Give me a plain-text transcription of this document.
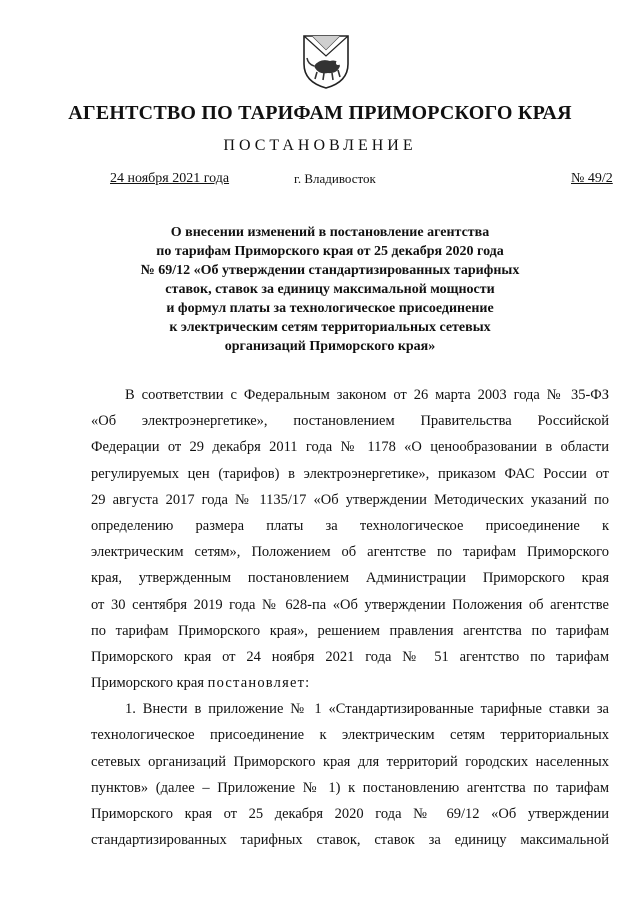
АГЕНТСТВО ПО ТАРИФАМ ПРИМОРСКОГО КРАЯ
ПОСТАНОВЛЕНИЕ
24 ноября 2021 года	г. Владивосток	№ 49/2
О внесении изменений в постановление агентства
по тарифам Приморского края от 25 декабря 2020 года
№ 69/12 «Об утверждении стандартизированных тарифных
ставок, ставок за единицу максимальной мощности
и формул платы за технологическое присоединение
к электрическим сетям территориальных сетевых
организаций Приморского края»
В соответствии с Федеральным законом от 26 марта 2003 года № 35-ФЗ
«Об электроэнергетике», постановлением Правительства Российской
Федерации от 29 декабря 2011 года № 1178 «О ценообразовании в области
регулируемых цен (тарифов) в электроэнергетике», приказом ФАС России от
29 августа 2017 года № 1135/17 «Об утверждении Методических указаний по
определению размера платы за технологическое присоединение к
электрическим сетям», Положением об агентстве по тарифам Приморского
края, утвержденным постановлением Администрации Приморского края
от 30 сентября 2019 года № 628-па «Об утверждении Положения об агентстве
по тарифам Приморского края», решением правления агентства по тарифам
Приморского края от 24 ноября 2021 года № 51 агентство по тарифам
Приморского края постановляет:
1. Внести в приложение № 1 «Стандартизированные тарифные ставки за
технологическое присоединение к электрическим сетям территориальных
сетевых организаций Приморского края для территорий городских населенных
пунктов» (далее – Приложение № 1) к постановлению агентства по тарифам
Приморского края от 25 декабря 2020 года № 69/12 «Об утверждении
стандартизированных тарифных ставок, ставок за единицу максимальной
